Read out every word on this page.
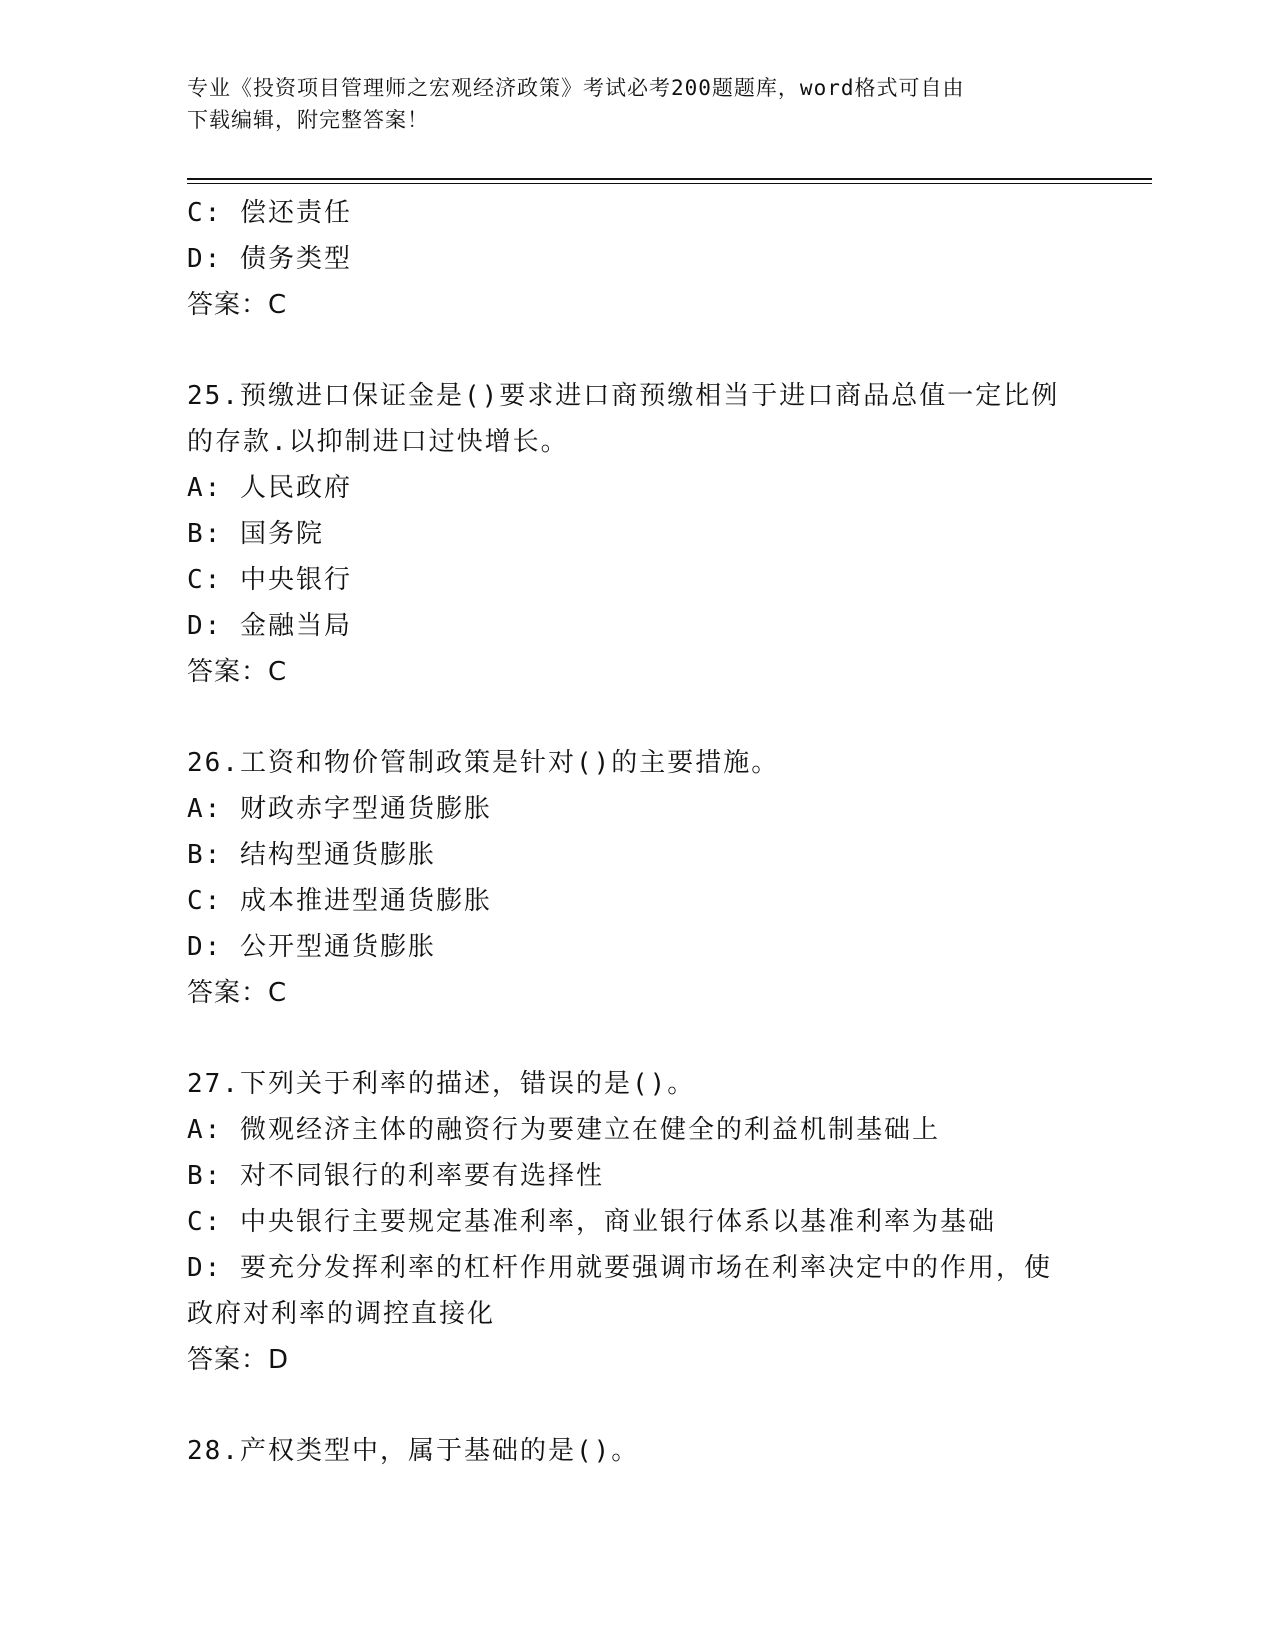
专业《投资项目管理师之宏观经济政策》考试必考200题题库，word格式可自由
下载编辑，附完整答案！
C: 偿还责任
D: 债务类型
答案：C
25.预缴进口保证金是()要求进口商预缴相当于进口商品总值一定比例
的存款.以抑制进口过快增长。
A: 人民政府
B: 国务院
C: 中央银行
D: 金融当局
答案：C
26.工资和物价管制政策是针对()的主要措施。
A: 财政赤字型通货膨胀
B: 结构型通货膨胀
C: 成本推进型通货膨胀
D: 公开型通货膨胀
答案：C
27.下列关于利率的描述，错误的是()。
A: 微观经济主体的融资行为要建立在健全的利益机制基础上
B: 对不同银行的利率要有选择性
C: 中央银行主要规定基准利率，商业银行体系以基准利率为基础
D: 要充分发挥利率的杠杆作用就要强调市场在利率决定中的作用，使
政府对利率的调控直接化
答案：D
28.产权类型中，属于基础的是()。
